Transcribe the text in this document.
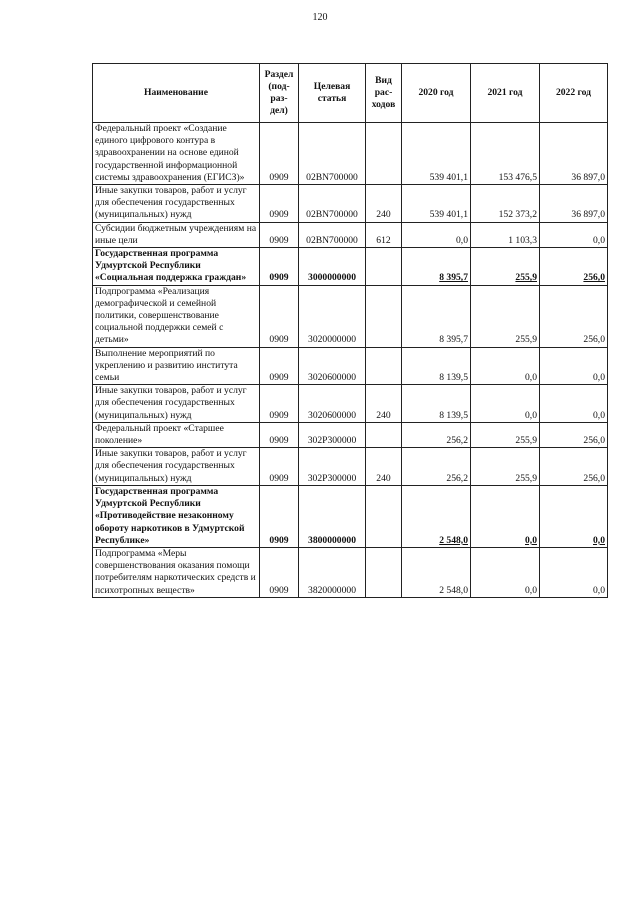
120
Наименование	Раздел (под-раз-дел)	Целевая статья	Вид рас-ходов	2020 год	2021 год	2022 год
Федеральный проект «Создание единого цифрового контура в здравоохранении на основе единой государственной информационной системы здравоохранения (ЕГИСЗ)»	0909	02BN700000		539 401,1	153 476,5	36 897,0
Иные закупки товаров, работ и услуг для обеспечения государственных (муниципальных) нужд	0909	02BN700000	240	539 401,1	152 373,2	36 897,0
Субсидии бюджетным учреждениям на иные цели	0909	02BN700000	612	0,0	1 103,3	0,0
Государственная программа Удмуртской Республики «Социальная поддержка граждан»	0909	3000000000		8 395,7	255,9	256,0
Подпрограмма «Реализация демографической и семейной политики, совершенствование социальной поддержки семей с детьми»	0909	3020000000		8 395,7	255,9	256,0
Выполнение мероприятий по укреплению и развитию института семьи	0909	3020600000		8 139,5	0,0	0,0
Иные закупки товаров, работ и услуг для обеспечения государственных (муниципальных) нужд	0909	3020600000	240	8 139,5	0,0	0,0
Федеральный проект «Старшее поколение»	0909	302P300000		256,2	255,9	256,0
Иные закупки товаров, работ и услуг для обеспечения государственных (муниципальных) нужд	0909	302P300000	240	256,2	255,9	256,0
Государственная программа Удмуртской Республики «Противодействие незаконному обороту наркотиков в Удмуртской Республике»	0909	3800000000		2 548,0	0,0	0,0
Подпрограмма «Меры совершенствования оказания помощи потребителям наркотических средств и психотропных веществ»	0909	3820000000		2 548,0	0,0	0,0
